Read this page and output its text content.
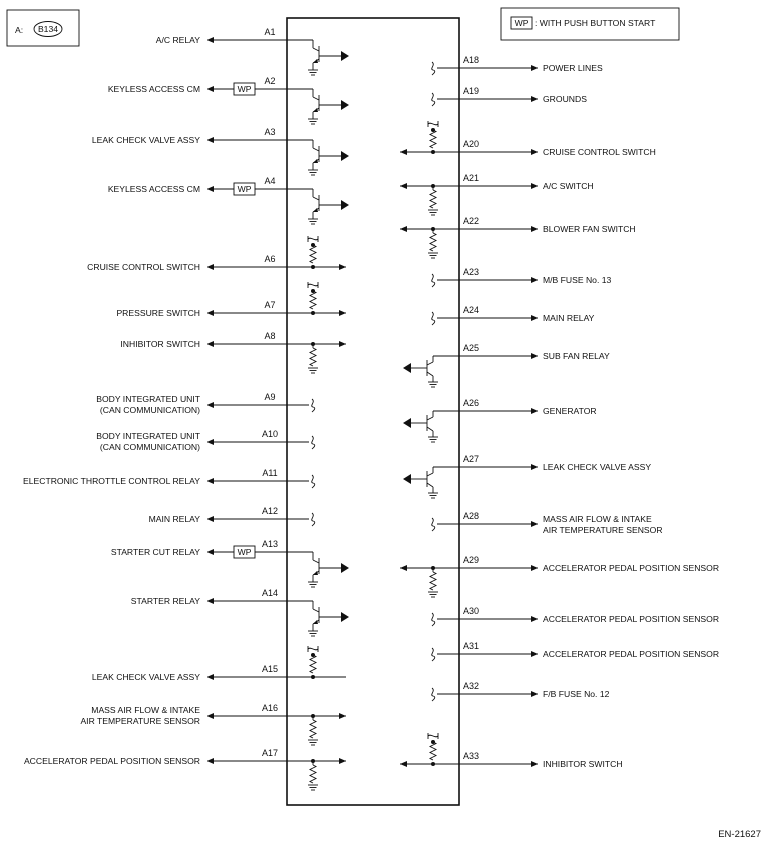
A: B134
WP : WITH PUSH BUTTON START
A/C RELAY
A1
KEYLESS ACCESS CM
A2
WP
LEAK CHECK VALVE ASSY
A3
KEYLESS ACCESS CM
A4
WP
CRUISE CONTROL SWITCH
A6
PRESSURE SWITCH
A7
INHIBITOR SWITCH
A8
BODY INTEGRATED UNIT
(CAN COMMUNICATION)
A9
BODY INTEGRATED UNIT
(CAN COMMUNICATION)
A10
ELECTRONIC THROTTLE CONTROL RELAY
A11
MAIN RELAY
A12
STARTER CUT RELAY
A13
WP
STARTER RELAY
A14
LEAK CHECK VALVE ASSY
A15
MASS AIR FLOW & INTAKE
AIR TEMPERATURE SENSOR
A16
ACCELERATOR PEDAL POSITION SENSOR
A17
POWER LINES
A18
GROUNDS
A19
CRUISE CONTROL SWITCH
A20
A/C SWITCH
A21
BLOWER FAN SWITCH
A22
M/B FUSE No. 13
A23
MAIN RELAY
A24
SUB FAN RELAY
A25
GENERATOR
A26
LEAK CHECK VALVE ASSY
A27
MASS AIR FLOW & INTAKE
AIR TEMPERATURE SENSOR
A28
ACCELERATOR PEDAL POSITION SENSOR
A29
ACCELERATOR PEDAL POSITION SENSOR
A30
ACCELERATOR PEDAL POSITION SENSOR
A31
F/B FUSE No. 12
A32
INHIBITOR SWITCH
A33
EN-21627
